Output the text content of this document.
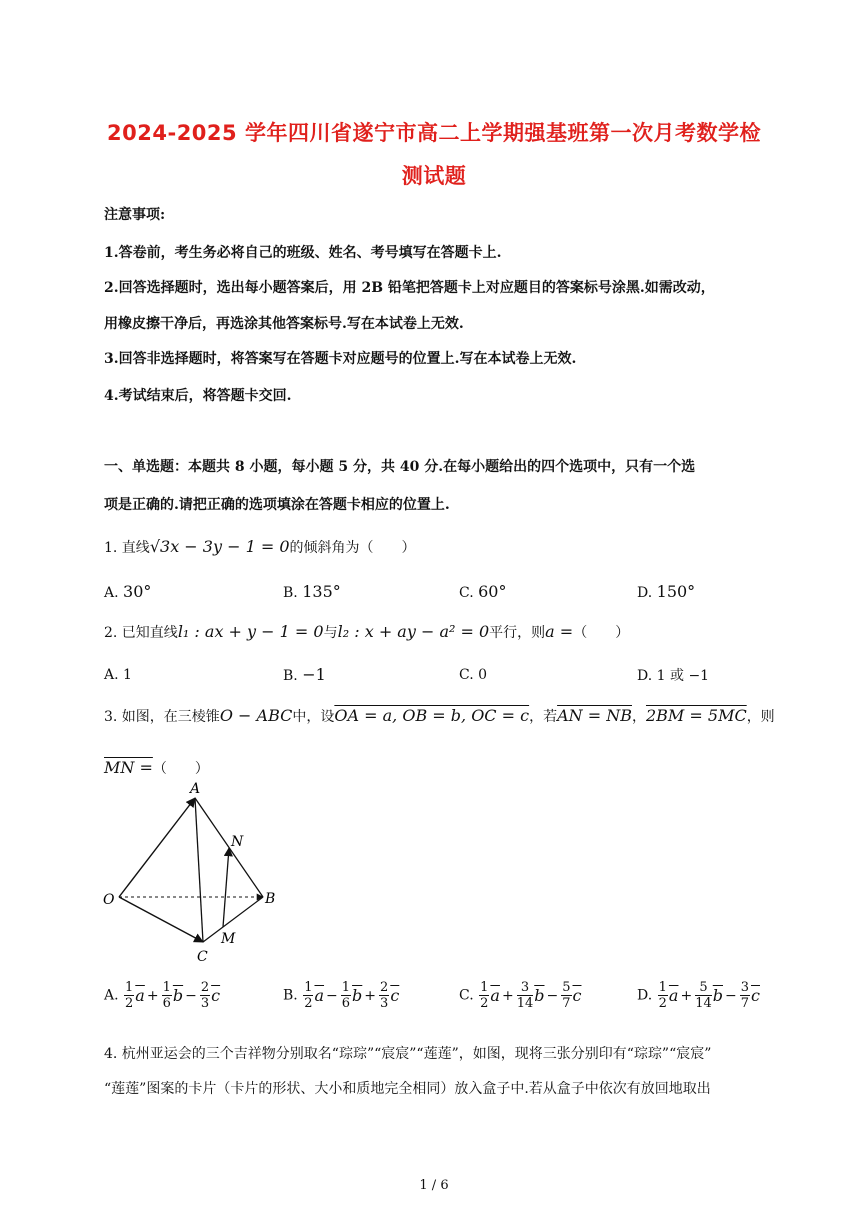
2024-2025 学年四川省遂宁市高二上学期强基班第一次月考数学检
测试题
注意事项:
1.答卷前，考生务必将自己的班级、姓名、考号填写在答题卡上.
2.回答选择题时，选出每小题答案后，用 2B 铅笔把答题卡上对应题目的答案标号涂黑.如需改动，
用橡皮擦干净后，再选涂其他答案标号.写在本试卷上无效.
3.回答非选择题时，将答案写在答题卡对应题号的位置上.写在本试卷上无效.
4.考试结束后，将答题卡交回.
一、单选题：本题共 8 小题，每小题 5 分，共 40 分.在每小题给出的四个选项中，只有一个选
项是正确的.请把正确的选项填涂在答题卡相应的位置上.
1. 直线√3x − 3y − 1 = 0的倾斜角为（　　）
A. 30°	B. 135°	C. 60°	D. 150°
2. 已知直线l₁ : ax + y − 1 = 0与l₂ : x + ay − a² = 0平行，则a =（　　）
A. 1	B. −1	C. 0	D. 1 或 −1
3. 如图，在三棱锥O − ABC中，设OA = a, OB = b, OC = c，若AN = NB，2BM = 5MC，则
MN =（　　）
A
O	B
C
N
M
A. $\frac{1}{2} \overline{a} + \frac{1}{6} \overline{b} - \frac{2}{3} \overline{c}$	B. $\frac{1}{2} \overline{a} - \frac{1}{6} \overline{b} + \frac{2}{3} \overline{c}$	C. $\frac{1}{2} \overline{a} + \frac{3}{14} \overline{b} - \frac{5}{7} \overline{c}$	D. $\frac{1}{2} \overline{a} + \frac{5}{14} \overline{b} - \frac{3}{7} \overline{c}$
4. 杭州亚运会的三个吉祥物分别取名“琮琮”“宸宸”“莲莲”，如图，现将三张分别印有“琮琮”“宸宸”
“莲莲”图案的卡片（卡片的形状、大小和质地完全相同）放入盒子中.若从盒子中依次有放回地取出
1 / 6
